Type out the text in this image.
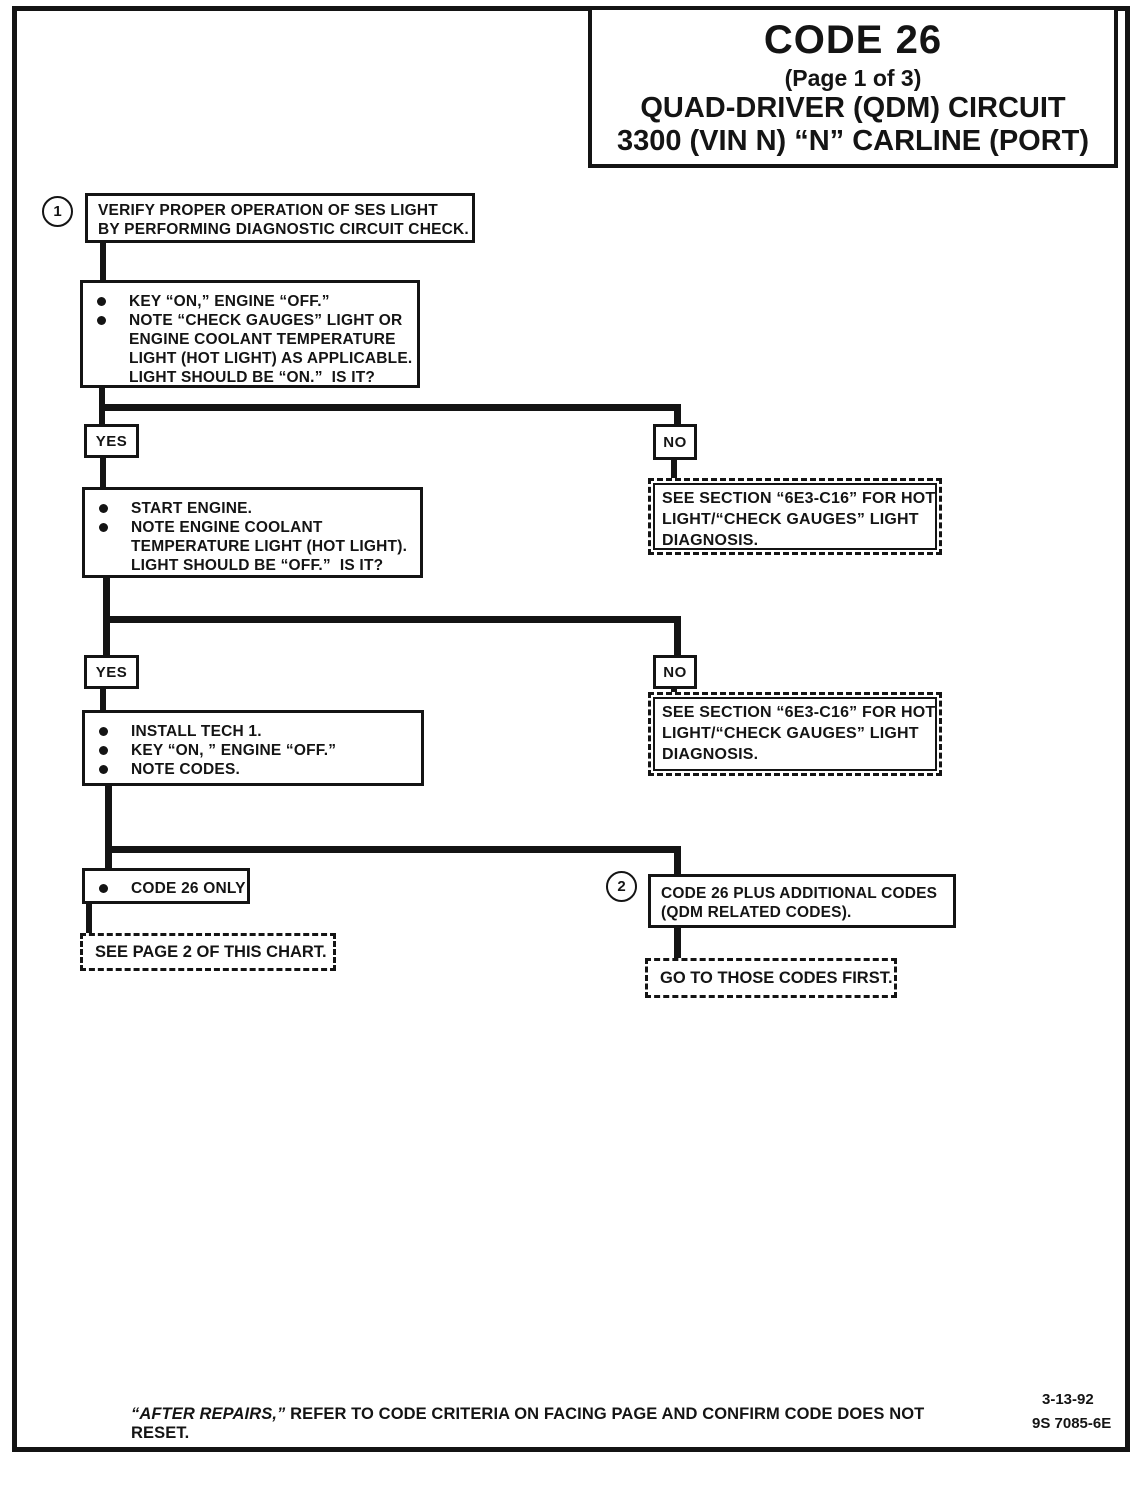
CODE 26
(Page 1 of 3)
QUAD-DRIVER (QDM) CIRCUIT
3300 (VIN N) “N” CARLINE (PORT)
1 VERIFY PROPER OPERATION OF SES LIGHT
BY PERFORMING DIAGNOSTIC CIRCUIT CHECK.
KEY “ON,” ENGINE “OFF.”
NOTE “CHECK GAUGES” LIGHT OR
ENGINE COOLANT TEMPERATURE
LIGHT (HOT LIGHT) AS APPLICABLE.
LIGHT SHOULD BE “ON.”  IS IT?
YES	NO
START ENGINE.
NOTE ENGINE COOLANT
TEMPERATURE LIGHT (HOT LIGHT).
LIGHT SHOULD BE “OFF.”  IS IT?
SEE SECTION “6E3-C16” FOR HOT
LIGHT/“CHECK GAUGES” LIGHT
DIAGNOSIS.
YES	NO
INSTALL TECH 1.
KEY “ON, ” ENGINE “OFF.”
NOTE CODES.
SEE SECTION “6E3-C16” FOR HOT
LIGHT/“CHECK GAUGES” LIGHT
DIAGNOSIS.
CODE 26 ONLY	2 CODE 26 PLUS ADDITIONAL CODES
(QDM RELATED CODES).
SEE PAGE 2 OF THIS CHART.
GO TO THOSE CODES FIRST.
“AFTER REPAIRS,” REFER TO CODE CRITERIA ON FACING PAGE AND CONFIRM CODE DOES NOT RESET.
3-13-92
9S 7085-6E
